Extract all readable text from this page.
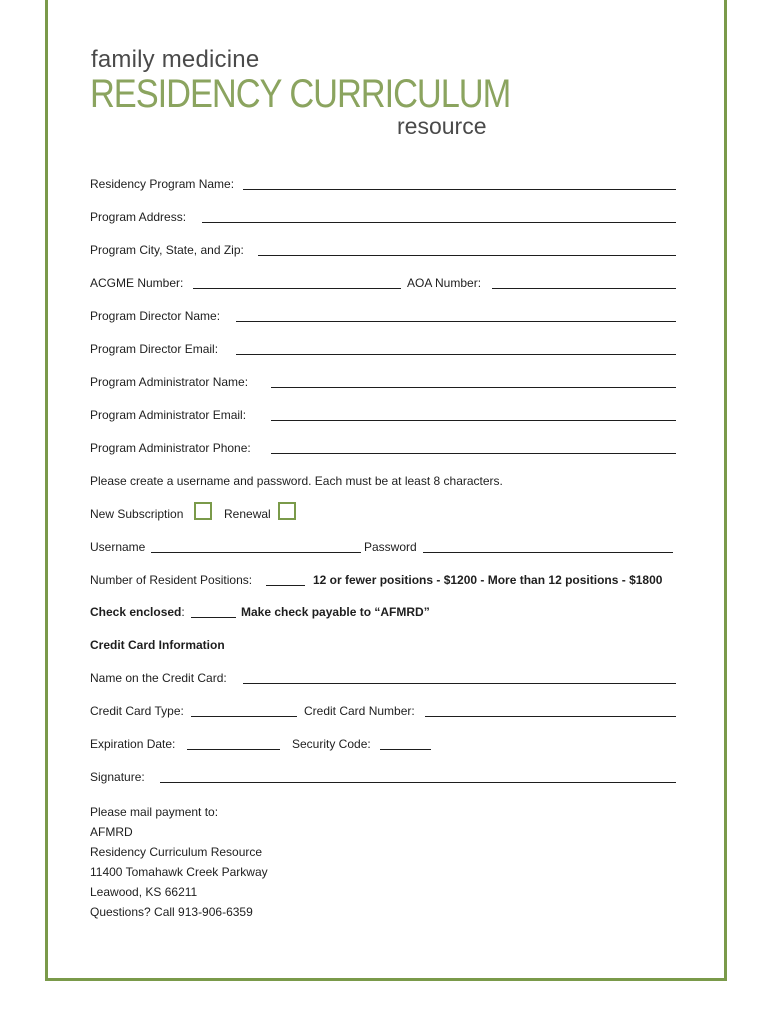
family medicine
RESIDENCY CURRICULUM
resource
Residency Program Name:
Program Address:
Program City, State, and Zip:
ACGME Number:	AOA Number:
Program Director Name:
Program Director Email:
Program Administrator Name:
Program Administrator Email:
Program Administrator Phone:
Please create a username and password. Each must be at least 8 characters.
New Subscription	Renewal
Username	Password
Number of Resident Positions:	12 or fewer positions - $1200 - More than 12 positions - $1800
Check enclosed:	Make check payable to “AFMRD”
Credit Card Information
Name on the Credit Card:
Credit Card Type:	Credit Card Number:
Expiration Date:	Security Code:
Signature:
Please mail payment to:
AFMRD
Residency Curriculum Resource
11400 Tomahawk Creek Parkway
Leawood, KS 66211
Questions? Call 913-906-6359
